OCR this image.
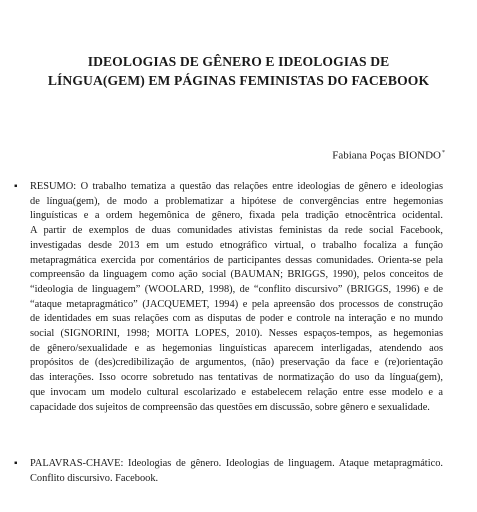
IDEOLOGIAS DE GÊNERO E IDEOLOGIAS DE
LÍNGUA(GEM) EM PÁGINAS FEMINISTAS DO FACEBOOK
Fabiana Poças BIONDO*
▪	RESUMO: O trabalho tematiza a questão das relações entre ideologias de gênero e ideologias
de língua(gem), de modo a problematizar a hipótese de convergências entre hegemonias
linguísticas e a ordem hegemônica de gênero, fixada pela tradição etnocêntrica ocidental.
A partir de exemplos de duas comunidades ativistas feministas da rede social Facebook,
investigadas desde 2013 em um estudo etnográfico virtual, o trabalho focaliza a função
metapragmática exercida por comentários de participantes dessas comunidades. Orienta-se pela
compreensão da linguagem como ação social (BAUMAN; BRIGGS, 1990), pelos conceitos de
“ideologia de linguagem” (WOOLARD, 1998), de “conflito discursivo” (BRIGGS, 1996) e de
“ataque metapragmático” (JACQUEMET, 1994) e pela apreensão dos processos de construção
de identidades em suas relações com as disputas de poder e controle na interação e no mundo
social (SIGNORINI, 1998; MOITA LOPES, 2010). Nesses espaços-tempos, as hegemonias
de gênero/sexualidade e as hegemonias linguísticas aparecem interligadas, atendendo aos
propósitos de (des)credibilização de argumentos, (não) preservação da face e (re)orientação
das interações. Isso ocorre sobretudo nas tentativas de normatização do uso da língua(gem),
que invocam um modelo cultural escolarizado e estabelecem relação entre esse modelo e a
capacidade dos sujeitos de compreensão das questões em discussão, sobre gênero e sexualidade.
▪	PALAVRAS-CHAVE: Ideologias de gênero. Ideologias de linguagem. Ataque metapragmático.
Conflito discursivo. Facebook.
